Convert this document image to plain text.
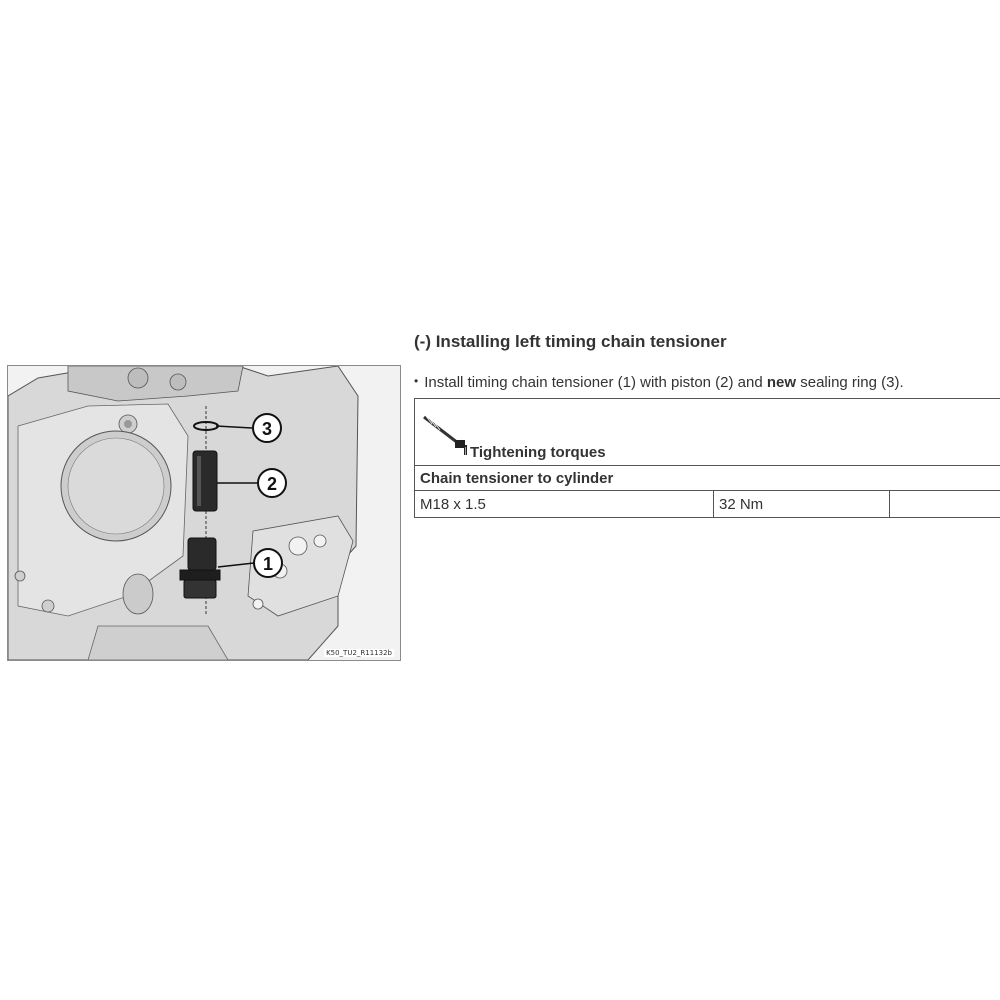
3
2
1
K50_TU2_R11132b
(-) Installing left timing chain tensioner
• Install timing chain tensioner (1) with piston (2) and new sealing ring (3).
Tightening torques
Chain tensioner to cylinder
M18 x 1.5	32 Nm	
